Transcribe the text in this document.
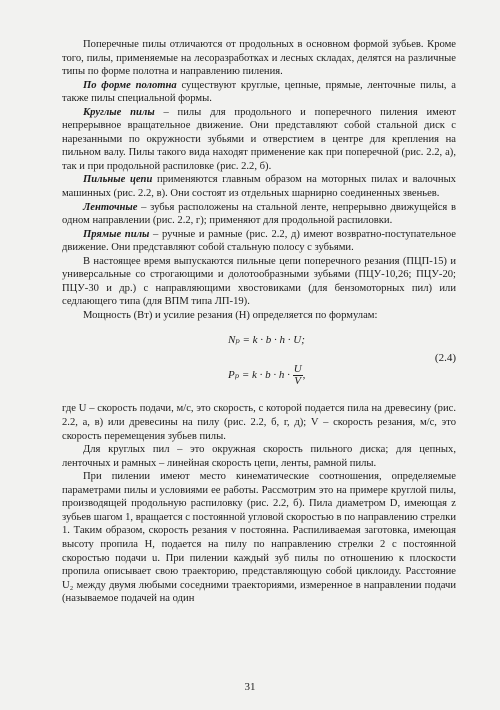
Поперечные пилы отличаются от продольных в основном формой зубьев. Кроме того, пилы, применяемые на лесоразработках и лесных складах, делятся на различные типы по форме полотна и направлению пиления.

По форме полотна существуют круглые, цепные, прямые, ленточные пилы, а также пилы специальной формы.

Круглые пилы – пилы для продольного и поперечного пиления имеют непрерывное вращательное движение. Они представляют собой стальной диск с нарезанными по окружности зубьями и отверстием в центре для крепления на пильном валу. Пилы такого вида находят применение как при поперечной (рис. 2.2, а), так и при продольной распиловке (рис. 2.2, б).

Пильные цепи применяются главным образом на моторных пилах и валочных машинных (рис. 2.2, в). Они состоят из отдельных шарнирно соединенных звеньев.

Ленточные – зубья расположены на стальной ленте, непрерывно движущейся в одном направлении (рис. 2.2, г); применяют для продольной распиловки.

Прямые пилы – ручные и рамные (рис. 2.2, д) имеют возвратно-поступательное движение. Они представляют собой стальную полосу с зубьями.

В настоящее время выпускаются пильные цепи поперечного резания (ПЦП-15) и универсальные со строгающими и долотообразными зубьями (ПЦУ-10,26; ПЦУ-20; ПЦУ-30 и др.) с направляющими хвостовиками (для бензомоторных пил) или седлающего типа (для ВПМ типа ЛП-19).

Мощность (Вт) и усилие резания (Н) определяется по формулам:

Nₚ = k · b · h · U;
$P_p = k \cdot b \cdot h \cdot \frac{U}{V}$ ,
(2.4)

где U – скорость подачи, м/с, это скорость, с которой подается пила на древесину (рис. 2.2, а, в) или древесины на пилу (рис. 2.2, б, г, д); V – скорость резания, м/с, это скорость перемещения зубьев пилы.

Для круглых пил – это окружная скорость пильного диска; для цепных, ленточных и рамных – линейная скорость цепи, ленты, рамной пилы.

При пилении имеют место кинематические соотношения, определяемые параметрами пилы и условиями ее работы. Рассмотрим это на примере круглой пилы, производящей продольную распиловку (рис. 2.2, б). Пила диаметром D, имеющая z зубьев шагом 1, вращается с постоянной угловой скоростью в по направлению стрелки 1. Таким образом, скорость резания v постоянна. Распиливаемая заготовка, имеющая высоту пропила H, подается на пилу по направлению стрелки 2 с постоянной скоростью подачи u. При пилении каждый зуб пилы по отношению к плоскости пропила описывает свою траекторию, представляющую собой циклоиду. Расстояние U₂ между двумя любыми соседними траекториями, измеренное в направлении подачи (называемое подачей на один

31
